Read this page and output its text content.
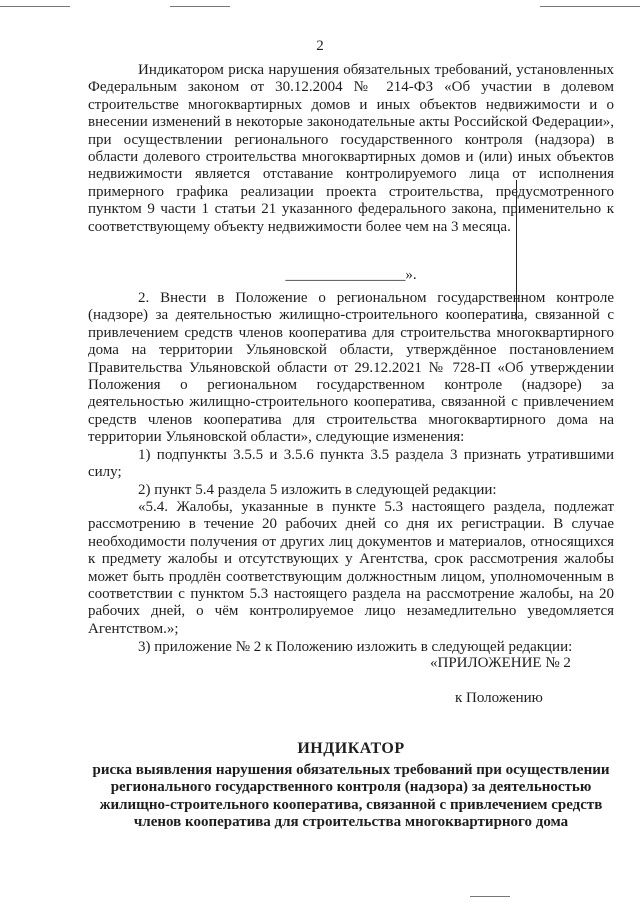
2

Индикатором риска нарушения обязательных требований, установленных Федеральным законом от 30.12.2004 № 214-ФЗ «Об участии в долевом строительстве многоквартирных домов и иных объектов недвижимости и о внесении изменений в некоторые законодательные акты Российской Федерации», при осуществлении регионального государственного контроля (надзора) в области долевого строительства многоквартирных домов и (или) иных объектов недвижимости является отставание контролируемого лица от исполнения примерного графика реализации проекта строительства, предусмотренного пунктом 9 части 1 статьи 21 указанного федерального закона, применительно к соответствующему объекту недвижимости более чем на 3 месяца.

________________».

2. Внести в Положение о региональном государственном контроле (надзоре) за деятельностью жилищно-строительного кооператива, связанной с привлечением средств членов кооператива для строительства многоквартирного дома на территории Ульяновской области, утверждённое постановлением Правительства Ульяновской области от 29.12.2021 № 728-П «Об утверждении Положения о региональном государственном контроле (надзоре) за деятельностью жилищно-строительного кооператива, связанной с привлечением средств членов кооператива для строительства многоквартирного дома на территории Ульяновской области», следующие изменения:

1) подпункты 3.5.5 и 3.5.6 пункта 3.5 раздела 3 признать утратившими силу;

2) пункт 5.4 раздела 5 изложить в следующей редакции:

«5.4. Жалобы, указанные в пункте 5.3 настоящего раздела, подлежат рассмотрению в течение 20 рабочих дней со дня их регистрации. В случае необходимости получения от других лиц документов и материалов, относящихся к предмету жалобы и отсутствующих у Агентства, срок рассмотрения жалобы может быть продлён соответствующим должностным лицом, уполномоченным в соответствии с пунктом 5.3 настоящего раздела на рассмотрение жалобы, на 20 рабочих дней, о чём контролируемое лицо незамедлительно уведомляется Агентством.»;

3) приложение № 2 к Положению изложить в следующей редакции:

«ПРИЛОЖЕНИЕ № 2

к Положению

ИНДИКАТОР

риска выявления нарушения обязательных требований при осуществлении регионального государственного контроля (надзора) за деятельностью жилищно-строительного кооператива, связанной с привлечением средств членов кооператива для строительства многоквартирного дома
